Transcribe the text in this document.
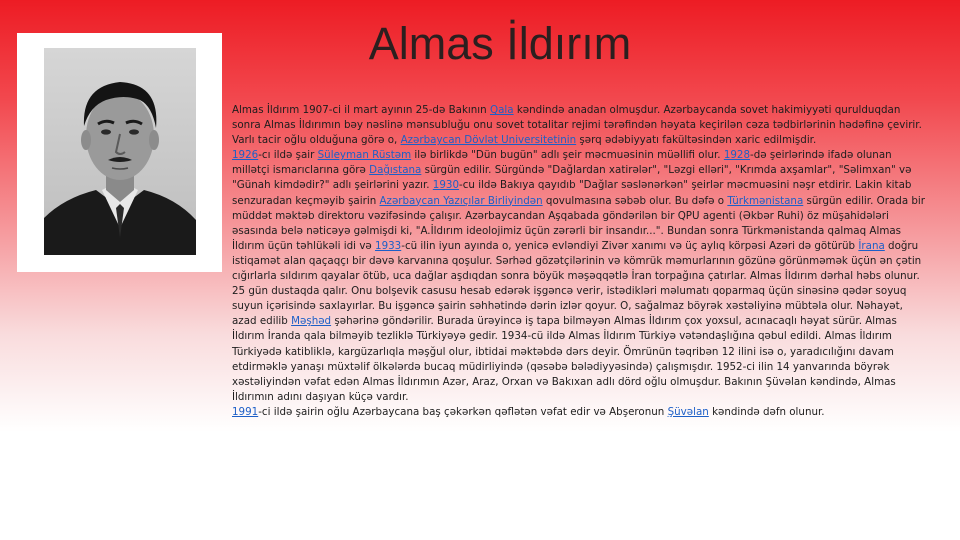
Almas İldırım

Almas İldırım 1907-ci il mart ayının 25-də Bakının Qala kəndində anadan olmuşdur. Azərbaycanda sovet hakimiyyəti qurulduqdan sonra Almas İldırımın bəy nəslinə mənsubluğu onu sovet totalitar rejimi tərəfindən həyata keçirilən cəza tədbirlərinin hədəfinə çevirir. Varlı tacir oğlu olduğuna görə o, Azərbaycan Dövlət Universitetinin şərq ədəbiyyatı fakültəsindən xaric edilmişdir.

1926-cı ildə şair Süleyman Rüstəm ilə birlikdə "Dün bugün" adlı şeir məcmuəsinin müəllifi olur. 1928-də şeirlərində ifadə olunan millətçi ismarıclarına görə Dağıstana sürgün edilir. Sürgündə "Dağlardan xatirələr", "Ləzgi elləri", "Krımda axşamlar", "Səlimxan" və "Günah kimdədir?" adlı şeirlərini yazır. 1930-cu ildə Bakıya qayıdıb "Dağlar səslənərkən" şeirlər məcmuəsini nəşr etdirir. Lakin kitab senzuradan keçməyib şairin Azərbaycan Yazıçılar Birliyindən qovulmasına səbəb olur. Bu dəfə o Türkmənistana sürgün edilir. Orada bir müddət məktəb direktoru vəzifəsində çalışır. Azərbaycandan Aşqabada göndərilən bir QPU agenti (Əkbər Ruhi) öz müşahidələri əsasında belə nəticəyə gəlmişdi ki, "A.İldırım ideolojimiz üçün zərərli bir insandır...". Bundan sonra Türkmənistanda qalmaq Almas İldırım üçün təhlükəli idi və 1933-cü ilin iyun ayında o, yenicə evləndiyi Zivər xanımı və üç aylıq körpəsi Azəri də götürüb İrana doğru istiqamət alan qaçaqçı bir dəvə karvanına qoşulur. Sərhəd gözətçilərinin və kömrük məmurlarının gözünə görünməmək üçün ən çətin cığırlarla sıldırım qayalar ötüb, uca dağlar aşdıqdan sonra böyük məşəqqətlə İran torpağına çatırlar. Almas İldırım dərhal həbs olunur. 25 gün dustaqda qalır. Onu bolşevik casusu hesab edərək işgəncə verir, istədikləri məlumatı qoparmaq üçün sinəsinə qədər soyuq suyun içərisində saxlayırlar. Bu işgəncə şairin səhhətində dərin izlər qoyur. O, sağalmaz böyrək xəstəliyinə mübtəla olur. Nəhayət, azad edilib Məşhəd şəhərinə göndərilir. Burada ürəyincə iş tapa bilməyən Almas İldırım çox yoxsul, acınacaqlı həyat sürür. Almas İldırım İranda qala bilməyib tezliklə Türkiyəyə gedir. 1934-cü ildə Almas İldırım Türkiyə vətəndaşlığına qəbul edildi. Almas İldırım Türkiyədə katibliklə, kargüzarlıqla məşğul olur, ibtidai məktəbdə dərs deyir. Ömrünün təqribən 12 ilini isə o, yaradıcılığını davam etdirməklə yanaşı müxtəlif ölkələrdə bucaq müdirliyində (qəsəbə bələdiyyəsində) çalışmışdır. 1952-ci ilin 14 yanvarında böyrək xəstəliyindən vəfat edən Almas İldırımın Azər, Araz, Orxan və Bakıxan adlı dörd oğlu olmuşdur. Bakının Şüvəlan kəndində, Almas İldırımın adını daşıyan küçə vardır.

1991-ci ildə şairin oğlu Azərbaycana baş çəkərkən qəflətən vəfat edir və Abşeronun Şüvəlan kəndində dəfn olunur.
